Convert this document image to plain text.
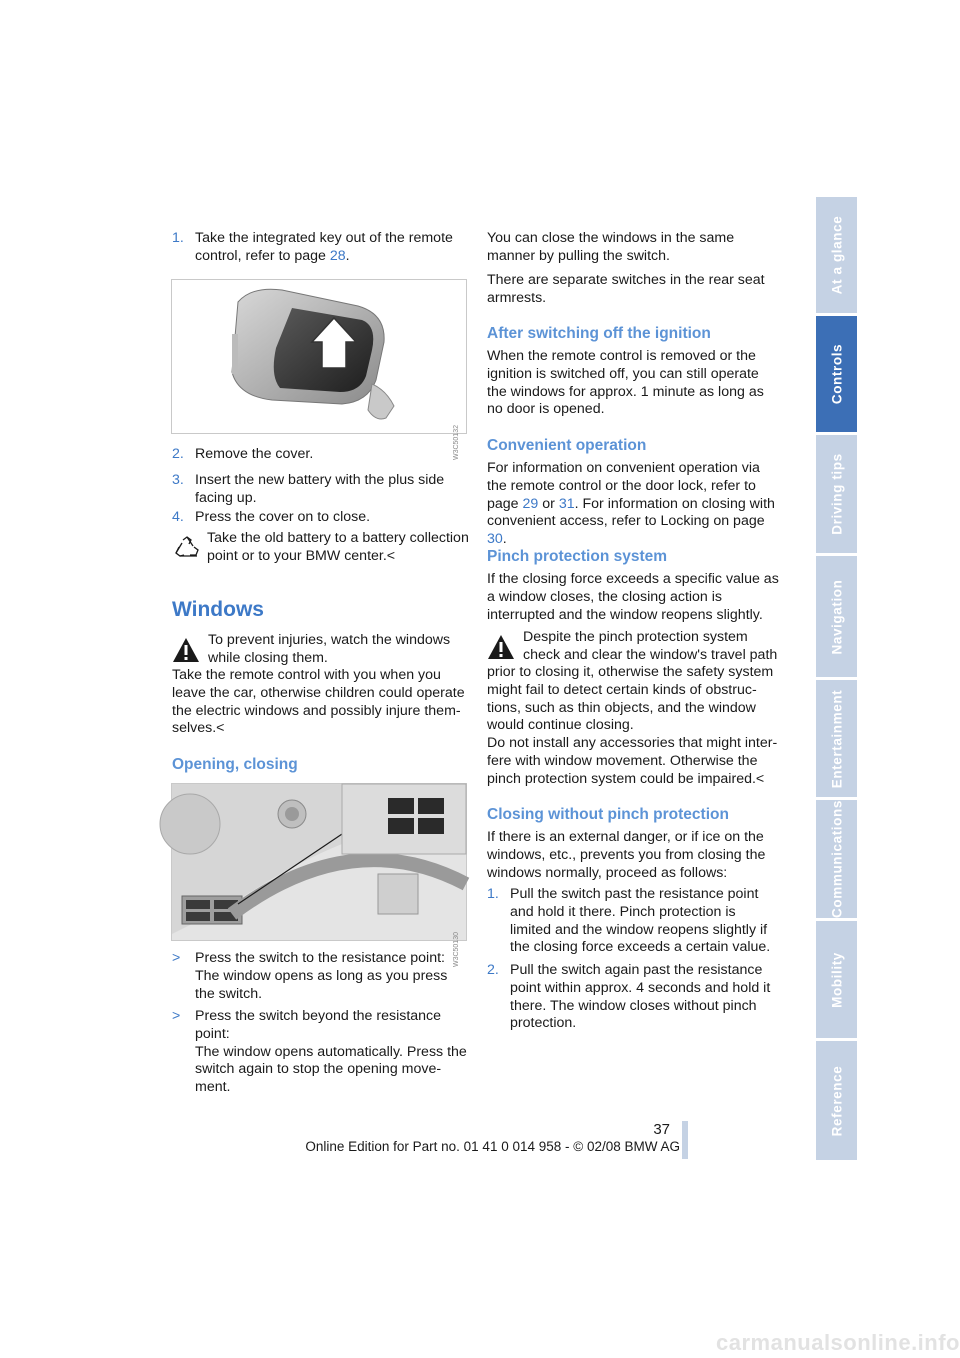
At a glance
Controls
Driving tips
Navigation
Entertainment
Communications
Mobility
Reference
1. Take the integrated key out of the remote control, refer to page 28.

W3C50132
2. Remove the cover.

3. Insert the new battery with the plus side facing up.

4. Press the cover on to close.

Take the old battery to a battery collection point or to your BMW center.<

Windows

To prevent injuries, watch the windows while closing them.

Take the remote control with you when you leave the car, otherwise children could operate the electric windows and possibly injure themselves.<

Opening, closing

W3C50130
> Press the switch to the resistance point:
The window opens as long as you press the switch.

> Press the switch beyond the resistance point:
The window opens automatically. Press the switch again to stop the opening movement.

You can close the windows in the same manner by pulling the switch.

There are separate switches in the rear seat armrests.

After switching off the ignition

When the remote control is removed or the ignition is switched off, you can still operate the windows for approx. 1 minute as long as no door is opened.

Convenient operation

For information on convenient operation via the remote control or the door lock, refer to page 29 or 31. For information on closing with convenient access, refer to Locking on page 30.

Pinch protection system

If the closing force exceeds a specific value as a window closes, the closing action is interrupted and the window reopens slightly.

Despite the pinch protection system check and clear the window's travel path

prior to closing it, otherwise the safety system might fail to detect certain kinds of obstructions, such as thin objects, and the window would continue closing.

Do not install any accessories that might interfere with window movement. Otherwise the pinch protection system could be impaired.<

Closing without pinch protection

If there is an external danger, or if ice on the windows, etc., prevents you from closing the windows normally, proceed as follows:

1. Pull the switch past the resistance point and hold it there. Pinch protection is limited and the window reopens slightly if the closing force exceeds a certain value.

2. Pull the switch again past the resistance point within approx. 4 seconds and hold it there. The window closes without pinch protection.

37

Online Edition for Part no. 01 41 0 014 958 - © 02/08 BMW AG

carmanualsonline.info
